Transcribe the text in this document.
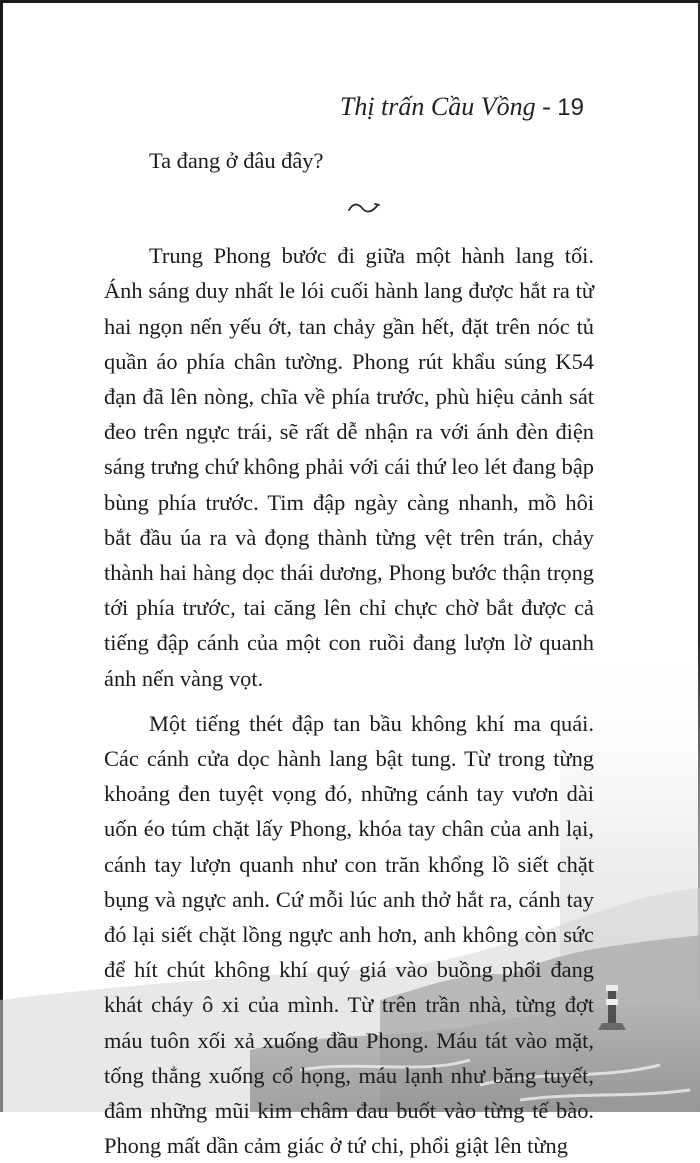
Thị trấn Cầu Vồng - 19

Ta đang ở đâu đây?

Trung Phong bước đi giữa một hành lang tối. Ánh sáng duy nhất le lói cuối hành lang được hắt ra từ hai ngọn nến yếu ớt, tan chảy gần hết, đặt trên nóc tủ quần áo phía chân tường. Phong rút khẩu súng K54 đạn đã lên nòng, chĩa về phía trước, phù hiệu cảnh sát đeo trên ngực trái, sẽ rất dễ nhận ra với ánh đèn điện sáng trưng chứ không phải với cái thứ leo lét đang bập bùng phía trước. Tim đập ngày càng nhanh, mồ hôi bắt đầu úa ra và đọng thành từng vệt trên trán, chảy thành hai hàng dọc thái dương, Phong bước thận trọng tới phía trước, tai căng lên chỉ chực chờ bắt được cả tiếng đập cánh của một con ruồi đang lượn lờ quanh ánh nến vàng vọt.

Một tiếng thét đập tan bầu không khí ma quái. Các cánh cửa dọc hành lang bật tung. Từ trong từng khoảng đen tuyệt vọng đó, những cánh tay vươn dài uốn éo túm chặt lấy Phong, khóa tay chân của anh lại, cánh tay lượn quanh như con trăn khổng lồ siết chặt bụng và ngực anh. Cứ mỗi lúc anh thở hắt ra, cánh tay đó lại siết chặt lồng ngực anh hơn, anh không còn sức để hít chút không khí quý giá vào buồng phổi đang khát cháy ô xi của mình. Từ trên trần nhà, từng đợt máu tuôn xối xả xuống đầu Phong. Máu tát vào mặt, tống thẳng xuống cổ họng, máu lạnh như băng tuyết, đâm những mũi kim châm đau buốt vào từng tế bào. Phong mất dần cảm giác ở tứ chi, phổi giật lên từng
